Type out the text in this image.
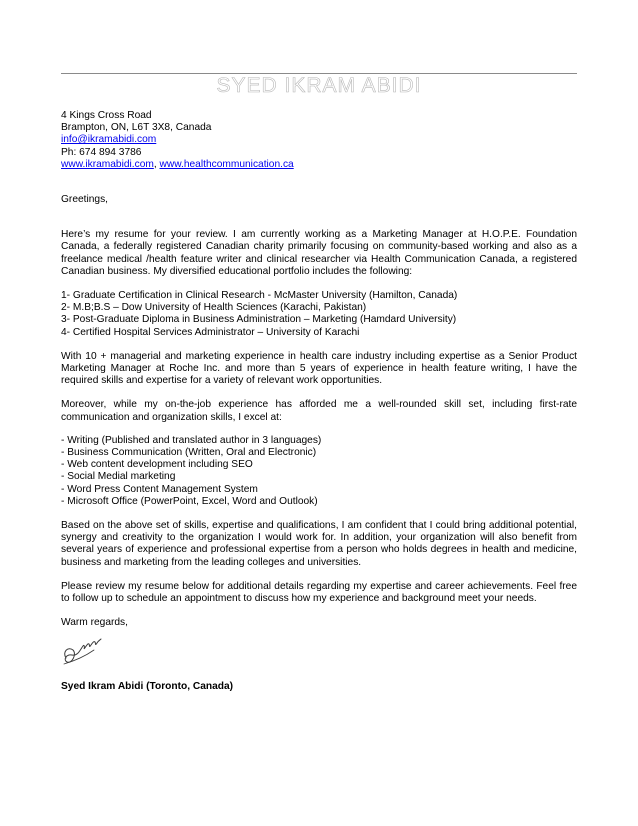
SYED IKRAM ABIDI

4 Kings Cross Road

Brampton, ON, L6T 3X8, Canada

info@ikramabidi.com

Ph: 674 894 3786

www.ikramabidi.com, www.healthcommunication.ca

Greetings,

Here’s my resume for your review. I am currently working as a Marketing Manager at H.O.P.E. Foundation Canada, a federally registered Canadian charity primarily focusing on community-based working and also as a freelance medical /health feature writer and clinical researcher via Health Communication Canada, a registered Canadian business. My diversified educational portfolio includes the following:

1- Graduate Certification in Clinical Research - McMaster University (Hamilton, Canada)

2- M.B;B.S – Dow University of Health Sciences (Karachi, Pakistan)

3- Post-Graduate Diploma in Business Administration – Marketing (Hamdard University)

4- Certified Hospital Services Administrator – University of Karachi

With 10 + managerial and marketing experience in health care industry including expertise as a Senior Product Marketing Manager at Roche Inc. and more than 5 years of experience in health feature writing, I have the required skills and expertise for a variety of relevant work opportunities.

Moreover, while my on-the-job experience has afforded me a well-rounded skill set, including first-rate communication and organization skills, I excel at:

- Writing (Published and translated author in 3 languages)

- Business Communication (Written, Oral and Electronic)

- Web content development including SEO

- Social Medial marketing

- Word Press Content Management System

- Microsoft Office (PowerPoint, Excel, Word and Outlook)

Based on the above set of skills, expertise and qualifications, I am confident that I could bring additional potential, synergy and creativity to the organization I would work for. In addition, your organization will also benefit from several years of experience and professional expertise from a person who holds degrees in health and medicine, business and marketing from the leading colleges and universities.

Please review my resume below for additional details regarding my expertise and career achievements. Feel free to follow up to schedule an appointment to discuss how my experience and background meet your needs.

Warm regards,

Syed Ikram Abidi (Toronto, Canada)
